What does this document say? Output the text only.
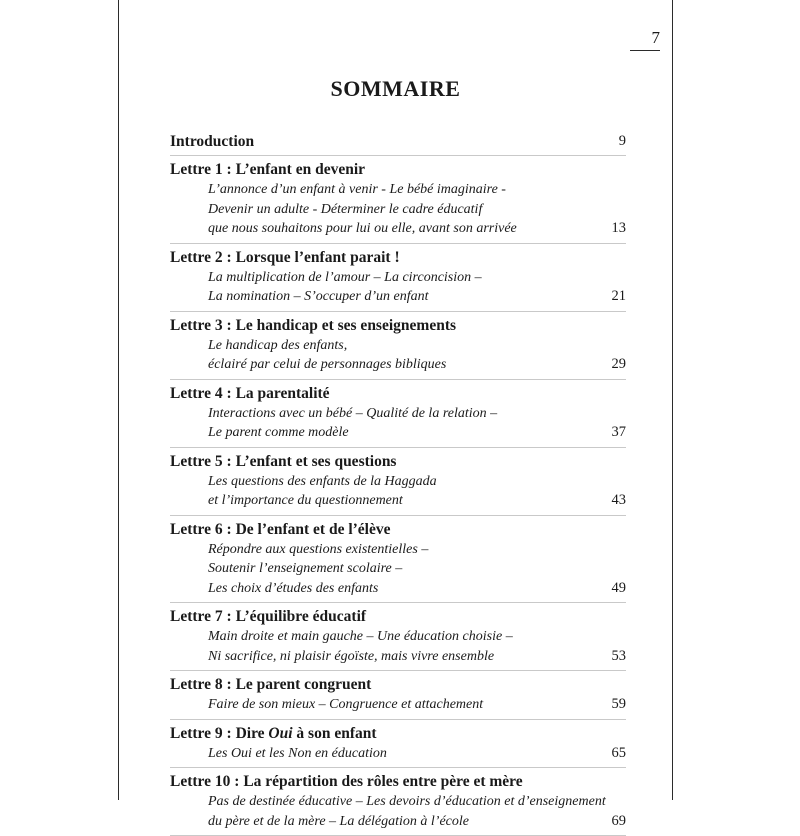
7
SOMMAIRE
Introduction	9
Lettre 1 : L’enfant en devenir
L’annonce d’un enfant à venir - Le bébé imaginaire -
Devenir un adulte - Déterminer le cadre éducatif
que nous souhaitons pour lui ou elle, avant son arrivée	13
Lettre 2 : Lorsque l’enfant parait !
La multiplication de l’amour – La circoncision –
La nomination – S’occuper d’un enfant	21
Lettre 3 : Le handicap et ses enseignements
Le handicap des enfants,
éclairé par celui de personnages bibliques	29
Lettre 4 : La parentalité
Interactions avec un bébé – Qualité de la relation –
Le parent comme modèle	37
Lettre 5 : L’enfant et ses questions
Les questions des enfants de la Haggada
et l’importance du questionnement	43
Lettre 6 : De l’enfant et de l’élève
Répondre aux questions existentielles –
Soutenir l’enseignement scolaire –
Les choix d’études des enfants	49
Lettre 7 : L’équilibre éducatif
Main droite et main gauche – Une éducation choisie –
Ni sacrifice, ni plaisir égoïste, mais vivre ensemble	53
Lettre 8 : Le parent congruent
Faire de son mieux – Congruence et attachement	59
Lettre 9 : Dire Oui à son enfant
Les Oui et les Non en éducation	65
Lettre 10 : La répartition des rôles entre père et mère
Pas de destinée éducative – Les devoirs d’éducation et d’enseignement
du père et de la mère – La délégation à l’école	69
